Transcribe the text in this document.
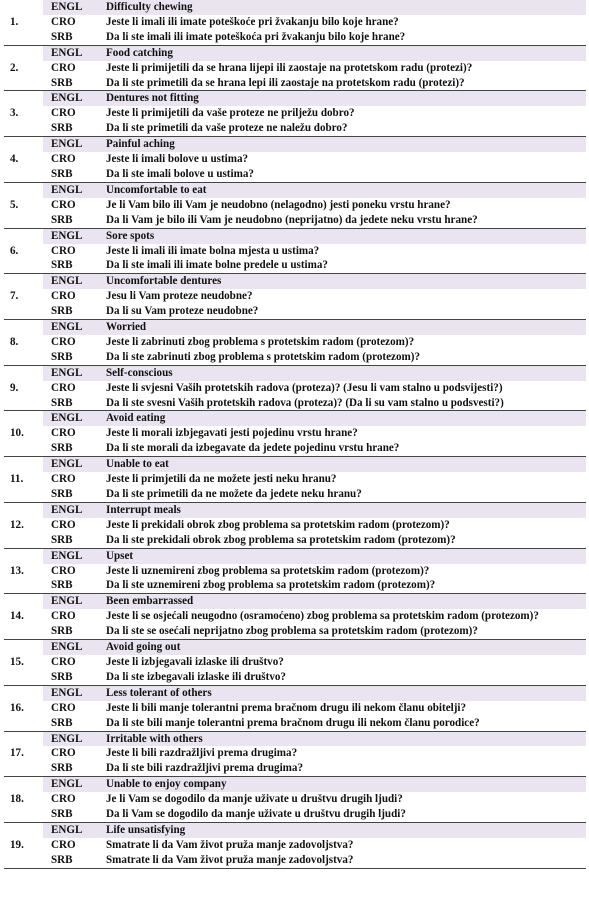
1.	ENGL	Difficulty chewing
	CRO	Jeste li imali ili imate poteškoće pri žvakanju bilo koje hrane?
	SRB	Da li ste imali ili imate poteškoća pri žvakanju bilo koje hrane?
2.	ENGL	Food catching
	CRO	Jeste li primijetili da se hrana lijepi ili zaostaje na protetskom radu (protezi)?
	SRB	Da li ste primetili da se hrana lepi ili zaostaje na protetskom radu (protezi)?
3.	ENGL	Dentures not fitting
	CRO	Jeste li primijetili da vaše proteze ne prilježu dobro?
	SRB	Da li ste primetili da vaše proteze ne naležu dobro?
4.	ENGL	Painful aching
	CRO	Jeste li imali bolove u ustima?
	SRB	Da li ste imali bolove u ustima?
5.	ENGL	Uncomfortable to eat
	CRO	Je li Vam bilo ili Vam je neudobno (nelagodno) jesti poneku vrstu hrane?
	SRB	Da li Vam je bilo ili Vam je neudobno (neprijatno) da jedete neku vrstu hrane?
6.	ENGL	Sore spots
	CRO	Jeste li imali ili imate bolna mjesta u ustima?
	SRB	Da li ste imali ili imate bolne predele u ustima?
7.	ENGL	Uncomfortable dentures
	CRO	Jesu li Vam proteze neudobne?
	SRB	Da li su Vam proteze neudobne?
8.	ENGL	Worried
	CRO	Jeste li zabrinuti zbog problema s protetskim radom (protezom)?
	SRB	Da li ste zabrinuti zbog problema s protetskim radom (protezom)?
9.	ENGL	Self-conscious
	CRO	Jeste li svjesni Vaših protetskih radova (proteza)? (Jesu li vam stalno u podsvijesti?)
	SRB	Da li ste svesni Vaših protetskih radova (proteza)? (Da li su vam stalno u podsvesti?)
10.	ENGL	Avoid eating
	CRO	Jeste li morali izbjegavati jesti pojedinu vrstu hrane?
	SRB	Da li ste morali da izbegavate da jedete pojedinu vrstu hrane?
11.	ENGL	Unable to eat
	CRO	Jeste li primjetili da ne možete jesti neku hranu?
	SRB	Da li ste primetili da ne možete da jedete neku hranu?
12.	ENGL	Interrupt meals
	CRO	Jeste li prekidali obrok zbog problema sa protetskim radom (protezom)?
	SRB	Da li ste prekidali obrok zbog problema sa protetskim radom (protezom)?
13.	ENGL	Upset
	CRO	Jeste li uznemireni zbog problema sa protetskim radom (protezom)?
	SRB	Da li ste uznemireni zbog problema sa protetskim radom (protezom)?
14.	ENGL	Been embarrassed
	CRO	Jeste li se osjećali neugodno (osramoćeno) zbog problema sa protetskim radom (protezom)?
	SRB	Da li ste se osećali neprijatno zbog problema sa protetskim radom (protezom)?
15.	ENGL	Avoid going out
	CRO	Jeste li izbjegavali izlaske ili društvo?
	SRB	Da li ste izbegavali izlaske ili društvo?
16.	ENGL	Less tolerant of others
	CRO	Jeste li bili manje tolerantni prema bračnom drugu ili nekom članu obitelji?
	SRB	Da li ste bili manje tolerantni prema bračnom drugu ili nekom članu porodice?
17.	ENGL	Irritable with others
	CRO	Jeste li bili razdražljivi prema drugima?
	SRB	Da li ste bili razdražljivi prema drugima?
18.	ENGL	Unable to enjoy company
	CRO	Je li Vam se dogodilo da manje uživate u društvu drugih ljudi?
	SRB	Da li Vam se dogodilo da manje uživate u društvu drugih ljudi?
19.	ENGL	Life unsatisfying
	CRO	Smatrate li da Vam život pruža manje zadovoljstva?
	SRB	Smatrate li da Vam život pruža manje zadovoljstva?
